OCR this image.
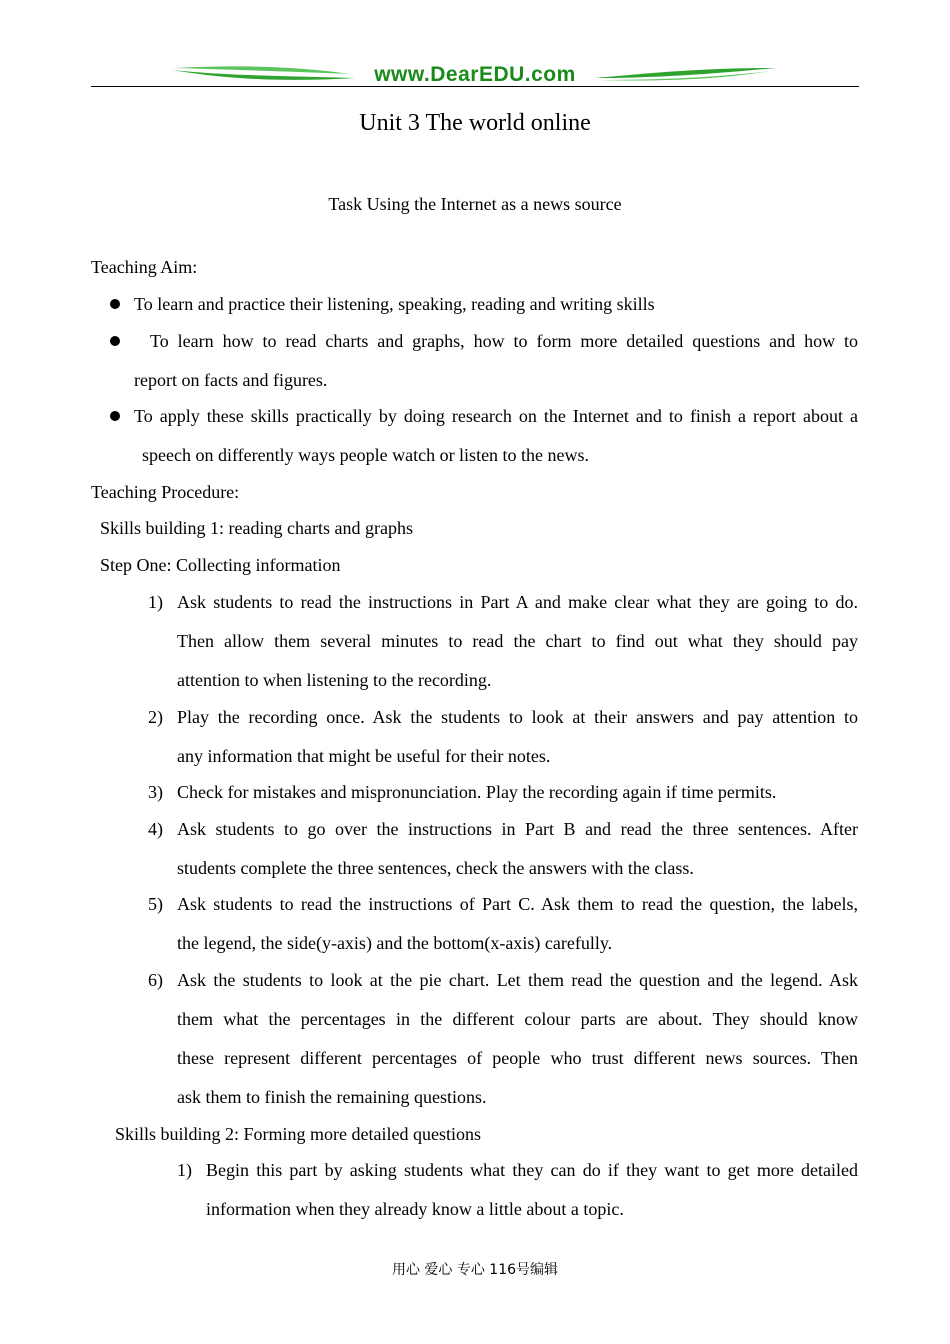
www.DearEDU.com
Unit 3 The world online
Task Using the Internet as a news source
Teaching Aim:
To learn and practice their listening, speaking, reading and writing skills
To learn how to read charts and graphs, how to form more detailed questions and how to
report on facts and figures.
To apply these skills practically by doing research on the Internet and to finish a report about a
speech on differently ways people watch or listen to the news.
Teaching Procedure:
Skills building 1: reading charts and graphs
Step One: Collecting information
1) Ask students to read the instructions in Part A and make clear what they are going to do.
Then allow them several minutes to read the chart to find out what they should pay
attention to when listening to the recording.
2) Play the recording once. Ask the students to look at their answers and pay attention to
any information that might be useful for their notes.
3) Check for mistakes and mispronunciation. Play the recording again if time permits.
4) Ask students to go over the instructions in Part B and read the three sentences. After
students complete the three sentences, check the answers with the class.
5) Ask students to read the instructions of Part C. Ask them to read the question, the labels,
the legend, the side(y-axis) and the bottom(x-axis) carefully.
6) Ask the students to look at the pie chart. Let them read the question and the legend. Ask
them what the percentages in the different colour parts are about. They should know
these represent different percentages of people who trust different news sources. Then
ask them to finish the remaining questions.
Skills building 2: Forming more detailed questions
1) Begin this part by asking students what they can do if they want to get more detailed
information when they already know a little about a topic.
用心 爱心 专心 116号编辑
